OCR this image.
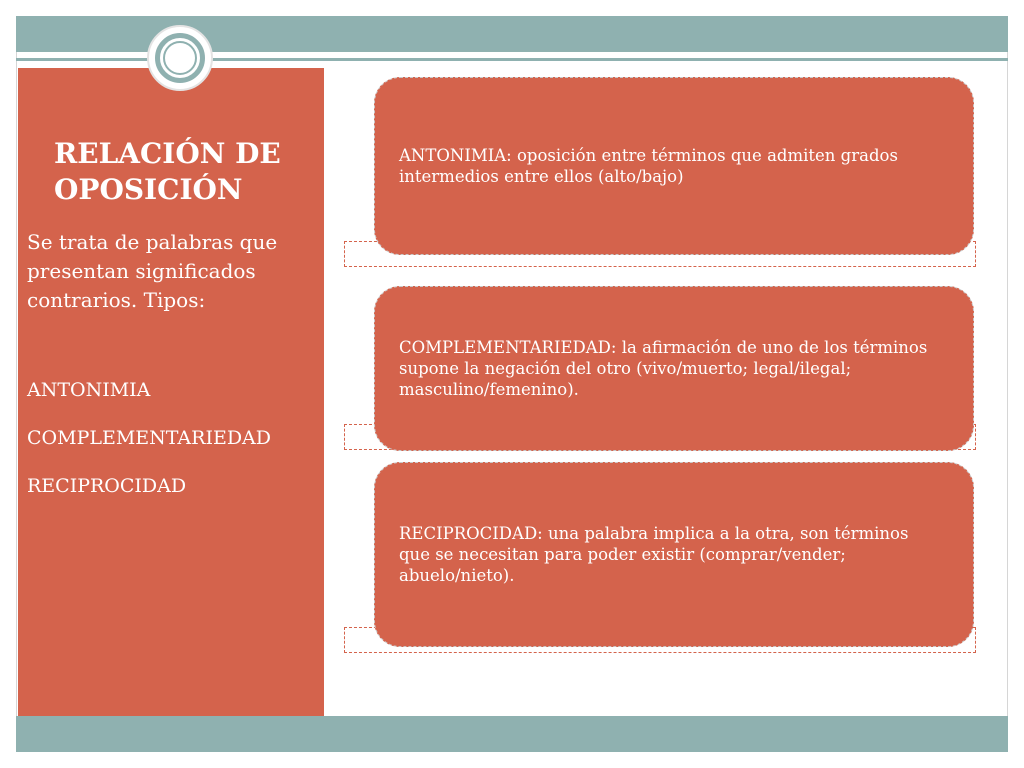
RELACIÓN DE OPOSICIÓN

Se trata de palabras que presentan significados contrarios. Tipos:

ANTONIMIA
COMPLEMENTARIEDAD
RECIPROCIDAD

ANTONIMIA: oposición entre términos que admiten grados intermedios entre ellos (alto/bajo)

COMPLEMENTARIEDAD: la afirmación de uno de los términos supone la negación del otro (vivo/muerto; legal/ilegal; masculino/femenino).

RECIPROCIDAD: una palabra implica a la otra, son términos que se necesitan para poder existir (comprar/vender; abuelo/nieto).
